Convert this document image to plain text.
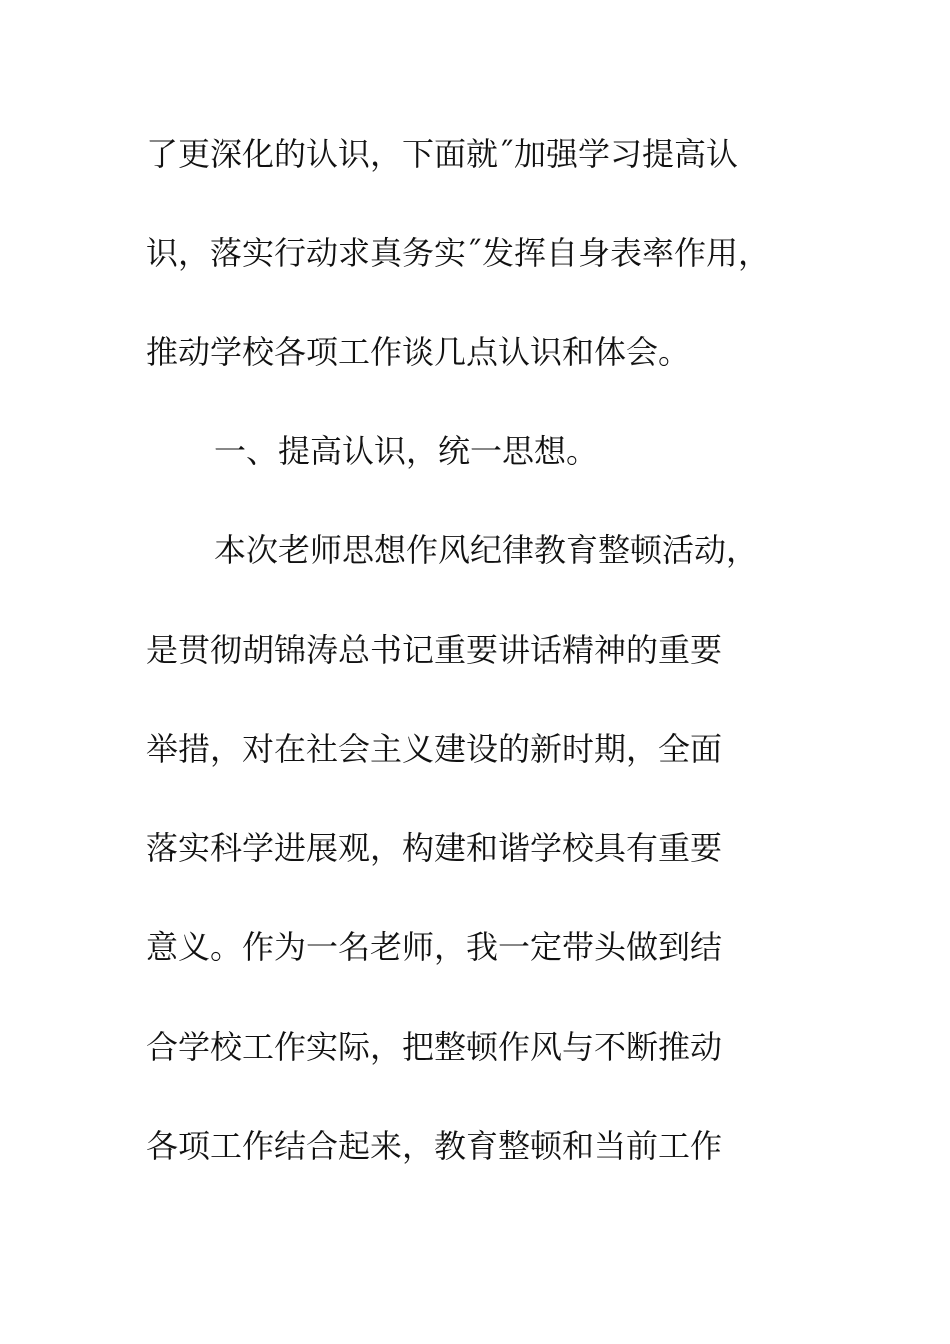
了更深化的认识，下面就˝加强学习提高认
识，落实行动求真务实˝发挥自身表率作用，
推动学校各项工作谈几点认识和体会。
一、提高认识，统一思想。
本次老师思想作风纪律教育整顿活动，
是贯彻胡锦涛总书记重要讲话精神的重要
举措，对在社会主义建设的新时期，全面
落实科学进展观，构建和谐学校具有重要
意义。作为一名老师，我一定带头做到结
合学校工作实际，把整顿作风与不断推动
各项工作结合起来，教育整顿和当前工作
